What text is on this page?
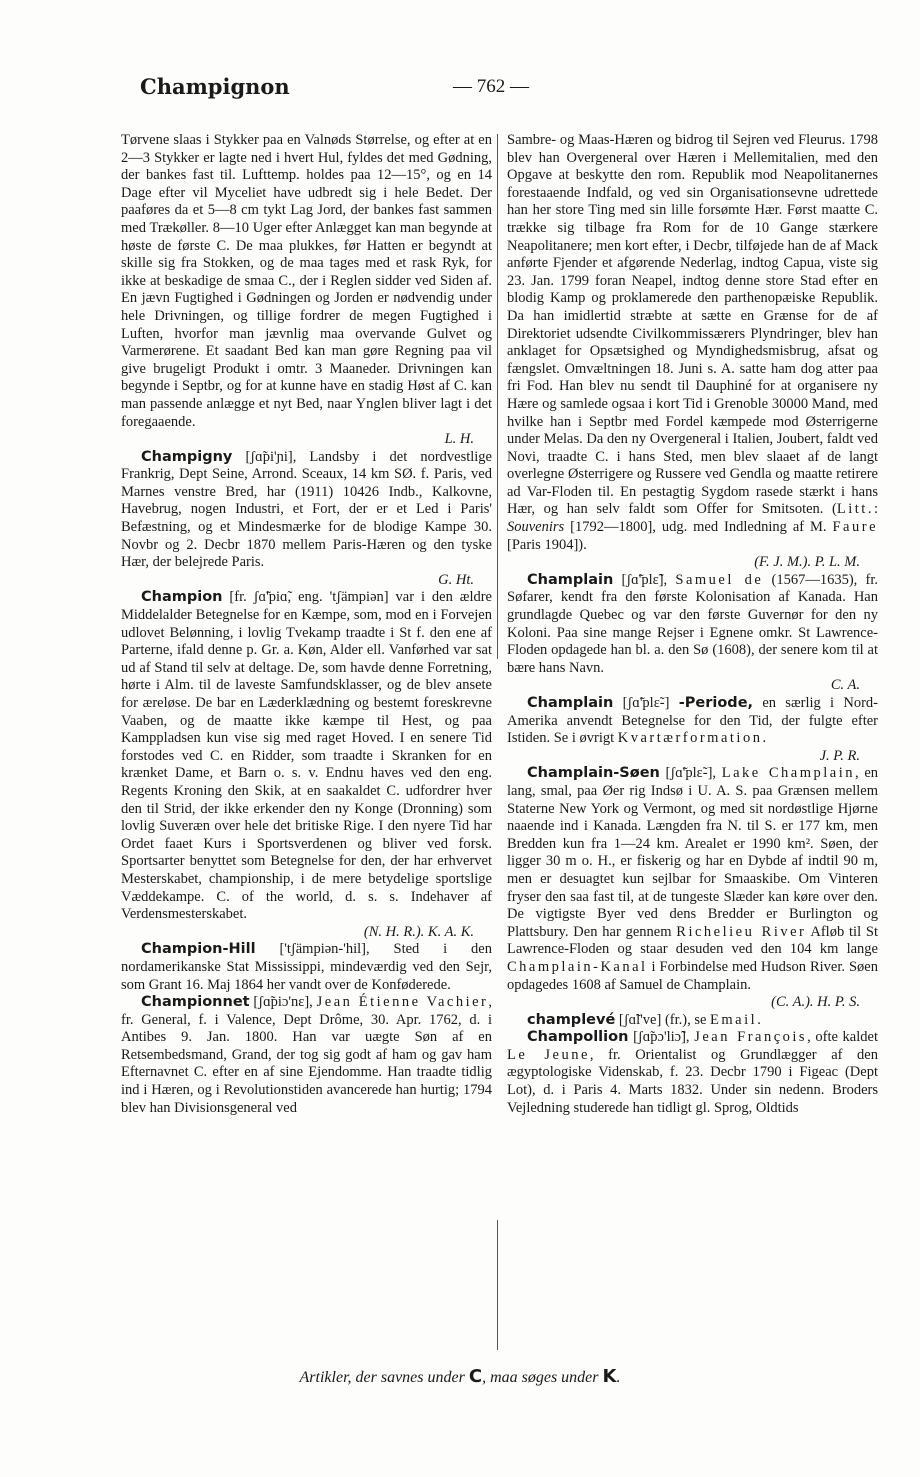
Champignon	— 762 —

Tørvene slaas i Stykker paa en Valnøds Størrelse, og efter at en 2—3 Stykker er lagte ned i hvert Hul, fyldes det med Gødning, der bankes fast til. Lufttemp. holdes paa 12—15°, og en 14 Dage efter vil Myceliet have udbredt sig i hele Bedet. Der paaføres da et 5—8 cm tykt Lag Jord, der bankes fast sammen med Trækøller. 8—10 Uger efter Anlægget kan man begynde at høste de første C. De maa plukkes, før Hatten er begyndt at skille sig fra Stokken, og de maa tages med et rask Ryk, for ikke at beskadige de smaa C., der i Reglen sidder ved Siden af. En jævn Fugtighed i Gødningen og Jorden er nødvendig under hele Drivningen, og tillige fordrer de megen Fugtighed i Luften, hvorfor man jævnlig maa overvande Gulvet og Varmerørene. Et saadant Bed kan man gøre Regning paa vil give brugeligt Produkt i omtr. 3 Maaneder. Drivningen kan begynde i Septbr, og for at kunne have en stadig Høst af C. kan man passende anlægge et nyt Bed, naar Ynglen bliver lagt i det foregaaende.
L. H.

Champigny [ʃɑ̃pi'ɲi], Landsby i det nordvestlige Frankrig, Dept Seine, Arrond. Sceaux, 14 km SØ. f. Paris, ved Marnes venstre Bred, har (1911) 10426 Indb., Kalkovne, Havebrug, nogen Industri, et Fort, der er et Led i Paris' Befæstning, og et Mindesmærke for de blodige Kampe 30. Novbr og 2. Decbr 1870 mellem Paris-Hæren og den tyske Hær, der belejrede Paris.
G. Ht.

Champion [fr. ʃɑ̃'piɑ̃, eng. 'tʃämpiən] var i den ældre Middelalder Betegnelse for en Kæmpe, som, mod en i Forvejen udlovet Belønning, i lovlig Tvekamp traadte i St f. den ene af Parterne, ifald denne p. Gr. a. Køn, Alder ell. Vanførhed var sat ud af Stand til selv at deltage. De, som havde denne Forretning, hørte i Alm. til de laveste Samfundsklasser, og de blev ansete for æreløse. De bar en Læderklædning og bestemt foreskrevne Vaaben, og de maatte ikke kæmpe til Hest, og paa Kamppladsen kun vise sig med raget Hoved. I en senere Tid forstodes ved C. en Ridder, som traadte i Skranken for en krænket Dame, et Barn o. s. v. Endnu haves ved den eng. Regents Kroning den Skik, at en saakaldet C. udfordrer hver den til Strid, der ikke erkender den ny Konge (Dronning) som lovlig Suveræn over hele det britiske Rige. I den nyere Tid har Ordet faaet Kurs i Sportsverdenen og bliver ved forsk. Sportsarter benyttet som Betegnelse for den, der har erhvervet Mesterskabet, championship, i de mere betydelige sportslige Væddekampe. C. of the world, d. s. s. Indehaver af Verdensmesterskabet.
(N. H. R.). K. A. K.

Champion-Hill ['tʃämpiən-'hil], Sted i den nordamerikanske Stat Mississippi, mindeværdig ved den Sejr, som Grant 16. Maj 1864 her vandt over de Konføderede.

Championnet [ʃɑ̃piɔ'nɛ], Jean Étienne Vachier, fr. General, f. i Valence, Dept Drôme, 30. Apr. 1762, d. i Antibes 9. Jan. 1800. Han var uægte Søn af en Retsembedsmand, Grand, der tog sig godt af ham og gav ham Efternavnet C. efter en af sine Ejendomme. Han traadte tidlig ind i Hæren, og i Revolutionstiden avancerede han hurtig; 1794 blev han Divisionsgeneral ved

Sambre- og Maas-Hæren og bidrog til Sejren ved Fleurus. 1798 blev han Overgeneral over Hæren i Mellemitalien, med den Opgave at beskytte den rom. Republik mod Neapolitanernes forestaaende Indfald, og ved sin Organisationsevne udrettede han her store Ting med sin lille forsømte Hær. Først maatte C. trække sig tilbage fra Rom for de 10 Gange stærkere Neapolitanere; men kort efter, i Decbr, tilføjede han de af Mack anførte Fjender et afgørende Nederlag, indtog Capua, viste sig 23. Jan. 1799 foran Neapel, indtog denne store Stad efter en blodig Kamp og proklamerede den parthenopæiske Republik. Da han imidlertid stræbte at sætte en Grænse for de af Direktoriet udsendte Civilkommissærers Plyndringer, blev han anklaget for Opsætsighed og Myndighedsmisbrug, afsat og fængslet. Omvæltningen 18. Juni s. A. satte ham dog atter paa fri Fod. Han blev nu sendt til Dauphiné for at organisere ny Hære og samlede ogsaa i kort Tid i Grenoble 30000 Mand, med hvilke han i Septbr med Fordel kæmpede mod Østerrigerne under Melas. Da den ny Overgeneral i Italien, Joubert, faldt ved Novi, traadte C. i hans Sted, men blev slaaet af de langt overlegne Østerrigere og Russere ved Gendla og maatte retirere ad Var-Floden til. En pestagtig Sygdom rasede stærkt i hans Hær, og han selv faldt som Offer for Smitsoten. (Litt.: Souvenirs [1792—1800], udg. med Indledning af M. Faure [Paris 1904]).
(F. J. M.). P. L. M.

Champlain [ʃɑ̃'plɛ̃], Samuel de (1567—1635), fr. Søfarer, kendt fra den første Kolonisation af Kanada. Han grundlagde Quebec og var den første Guvernør for den ny Koloni. Paa sine mange Rejser i Egnene omkr. St Lawrence-Floden opdagede han bl. a. den Sø (1608), der senere kom til at bære hans Navn.
C. A.

Champlain [ʃɑ̃'plɛ̃-] -Periode, en særlig i Nord-Amerika anvendt Betegnelse for den Tid, der fulgte efter Istiden. Se i øvrigt Kvartærformation.
J. P. R.

Champlain-Søen [ʃɑ̃'plɛ̃-], Lake Champlain, en lang, smal, paa Øer rig Indsø i U. A. S. paa Grænsen mellem Staterne New York og Vermont, og med sit nordøstlige Hjørne naaende ind i Kanada. Længden fra N. til S. er 177 km, men Bredden kun fra 1—24 km. Arealet er 1990 km². Søen, der ligger 30 m o. H., er fiskerig og har en Dybde af indtil 90 m, men er desuagtet kun sejlbar for Smaaskibe. Om Vinteren fryser den saa fast til, at de tungeste Slæder kan køre over den. De vigtigste Byer ved dens Bredder er Burlington og Plattsbury. Den har gennem Richelieu River Afløb til St Lawrence-Floden og staar desuden ved den 104 km lange Champlain-Kanal i Forbindelse med Hudson River. Søen opdagedes 1608 af Samuel de Champlain.
(C. A.). H. P. S.

champlevé [ʃɑ̃l've] (fr.), se Email.

Champollion [ʃɑ̃pɔ'liɔ̃], Jean François, ofte kaldet Le Jeune, fr. Orientalist og Grundlægger af den ægyptologiske Videnskab, f. 23. Decbr 1790 i Figeac (Dept Lot), d. i Paris 4. Marts 1832. Under sin nedenn. Broders Vejledning studerede han tidligt gl. Sprog, Oldtids

Artikler, der savnes under C, maa søges under K.
